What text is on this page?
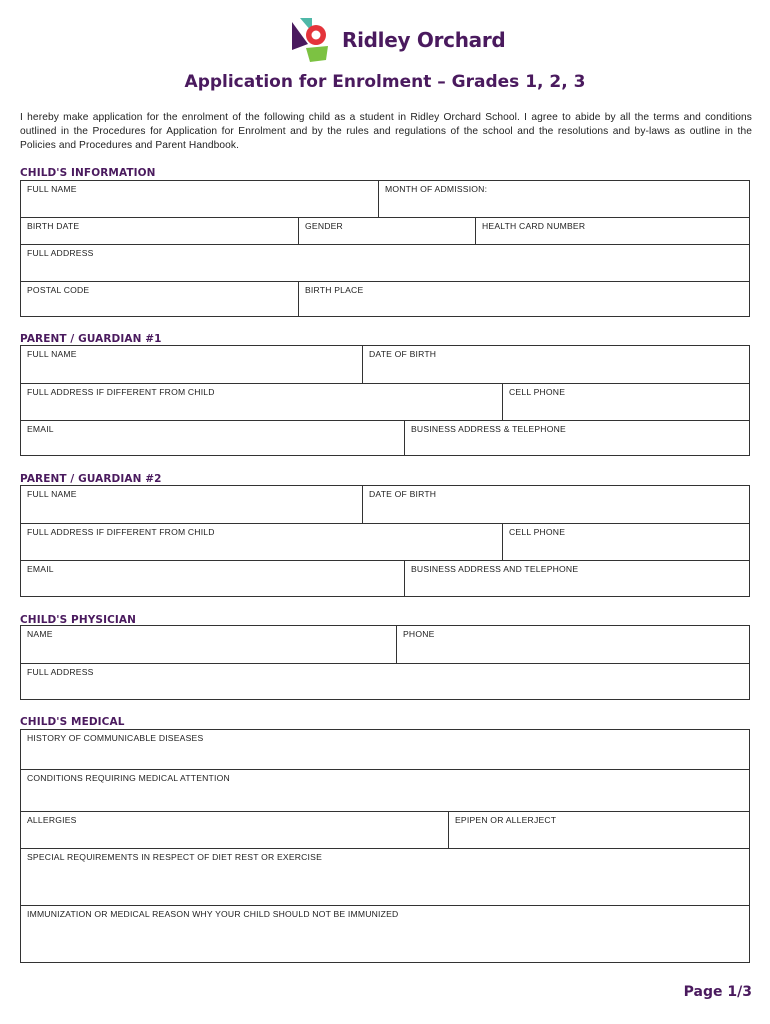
Ridley Orchard
Application for Enrolment – Grades 1, 2, 3
I hereby make application for the enrolment of the following child as a student in Ridley Orchard School. I agree to abide by all the terms and conditions outlined in the Procedures for Application for Enrolment and by the rules and regulations of the school and the resolutions and by-laws as outline in the Policies and Procedures and Parent Handbook.
CHILD'S INFORMATION
FULL NAME	MONTH OF ADMISSION:
BIRTH DATE	GENDER	HEALTH CARD NUMBER
FULL ADDRESS
POSTAL CODE	BIRTH PLACE
PARENT / GUARDIAN #1
FULL NAME	DATE OF BIRTH
FULL ADDRESS IF DIFFERENT FROM CHILD	CELL PHONE
EMAIL	BUSINESS ADDRESS & TELEPHONE
PARENT / GUARDIAN #2
FULL NAME	DATE OF BIRTH
FULL ADDRESS IF DIFFERENT FROM CHILD	CELL PHONE
EMAIL	BUSINESS ADDRESS AND TELEPHONE
CHILD'S PHYSICIAN
NAME	PHONE
FULL ADDRESS
CHILD'S MEDICAL
HISTORY OF COMMUNICABLE DISEASES
CONDITIONS REQUIRING MEDICAL ATTENTION
ALLERGIES	EPIPEN OR ALLERJECT
SPECIAL REQUIREMENTS IN RESPECT OF DIET REST OR EXERCISE
IMMUNIZATION OR MEDICAL REASON WHY YOUR CHILD SHOULD NOT BE IMMUNIZED
Page 1/3
